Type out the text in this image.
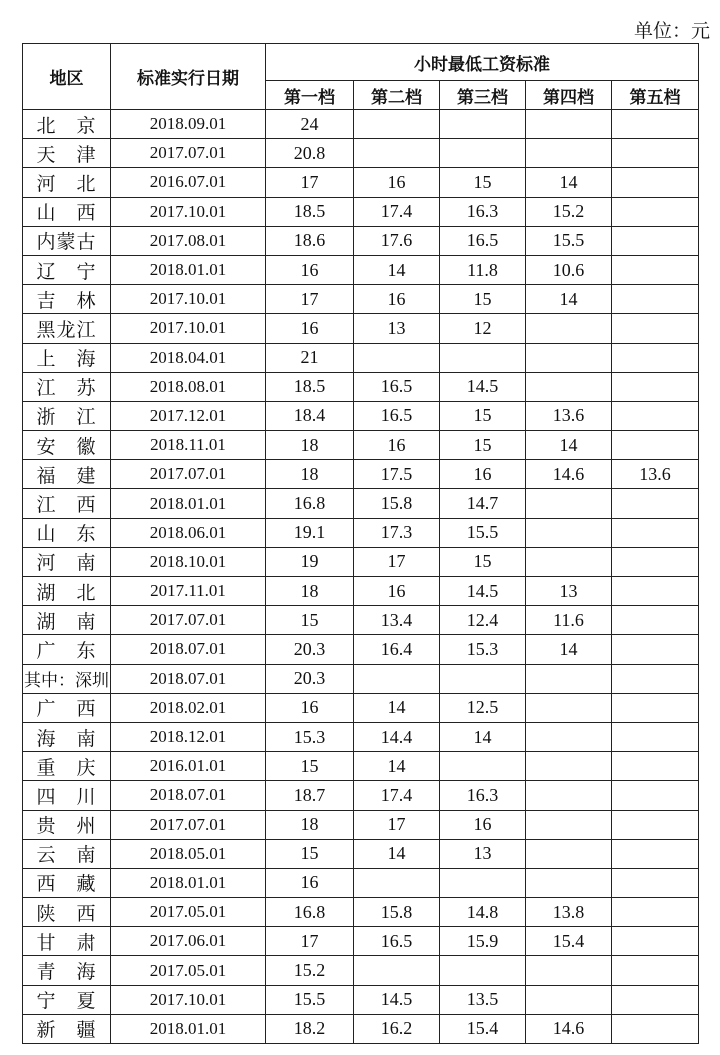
单位：元
地区	标准实行日期	小时最低工资标准				
		第一档	第二档	第三档	第四档	第五档
北　京	2018.09.01	24				
天　津	2017.07.01	20.8				
河　北	2016.07.01	17	16	15	14	
山　西	2017.10.01	18.5	17.4	16.3	15.2	
内蒙古	2017.08.01	18.6	17.6	16.5	15.5	
辽　宁	2018.01.01	16	14	11.8	10.6	
吉　林	2017.10.01	17	16	15	14	
黑龙江	2017.10.01	16	13	12		
上　海	2018.04.01	21				
江　苏	2018.08.01	18.5	16.5	14.5		
浙　江	2017.12.01	18.4	16.5	15	13.6	
安　徽	2018.11.01	18	16	15	14	
福　建	2017.07.01	18	17.5	16	14.6	13.6
江　西	2018.01.01	16.8	15.8	14.7		
山　东	2018.06.01	19.1	17.3	15.5		
河　南	2018.10.01	19	17	15		
湖　北	2017.11.01	18	16	14.5	13	
湖　南	2017.07.01	15	13.4	12.4	11.6	
广　东	2018.07.01	20.3	16.4	15.3	14	
其中：深圳	2018.07.01	20.3				
广　西	2018.02.01	16	14	12.5		
海　南	2018.12.01	15.3	14.4	14		
重　庆	2016.01.01	15	14			
四　川	2018.07.01	18.7	17.4	16.3		
贵　州	2017.07.01	18	17	16		
云　南	2018.05.01	15	14	13		
西　藏	2018.01.01	16				
陕　西	2017.05.01	16.8	15.8	14.8	13.8	
甘　肃	2017.06.01	17	16.5	15.9	15.4	
青　海	2017.05.01	15.2				
宁　夏	2017.10.01	15.5	14.5	13.5		
新　疆	2018.01.01	18.2	16.2	15.4	14.6	
